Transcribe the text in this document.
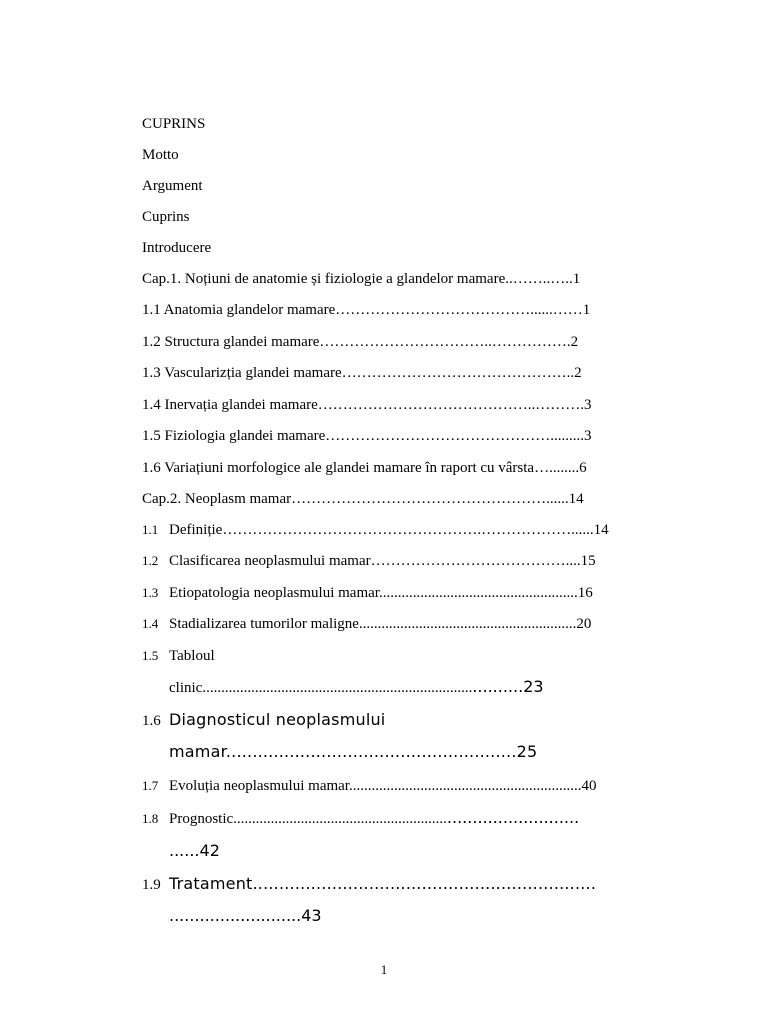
CUPRINS
Motto
Argument
Cuprins
Introducere
Cap.1. Noțiuni de anatomie și fiziologie a glandelor mamare..……..…..1
1.1 Anatomia glandelor mamare…………………………………......……1
1.2 Structura glandei mamare……………………………..…………….2
1.3 Vascularizția glandei mamare………………………………………..2
1.4 Inervația glandei mamare……………………………………..……….3
1.5 Fiziologia glandei mamare……………………………………….........3
1.6 Variațiuni morfologice ale glandei mamare în raport cu vârsta…........6
Cap.2. Neoplasm mamar……………………………………………......14
1.1 Definiție…………………………………………….………………......14
1.2 Clasificarea neoplasmului mamar…………………………………....15
1.3 Etiopatologia neoplasmului mamar.....................................................16
1.4 Stadializarea tumorilor maligne..........................................................20
1.5 Tabloul
clinic..................................................................................23
1.6 Diagnosticul neoplasmului
mamar.......................................................25
1.7 Evoluția neoplasmului mamar..............................................................40
1.8 Prognostic...................................................................................
......42
1.9 Tratament.................................................................
..........................43
1
